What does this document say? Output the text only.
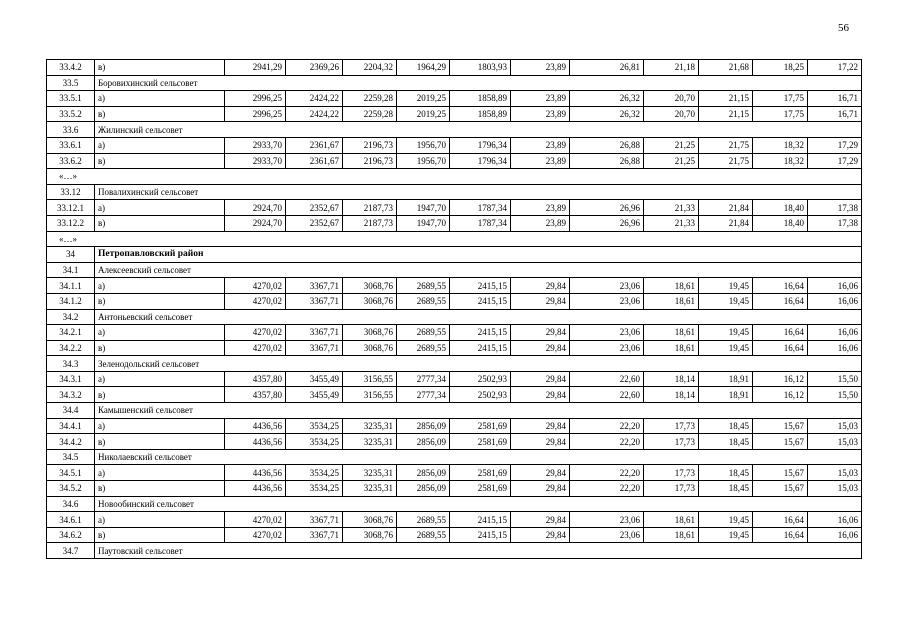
56
33.4.2	в)	2941,29	2369,26	2204,32	1964,29	1803,93	23,89	26,81	21,18	21,68	18,25	17,22
33.5	Боровихинский сельсовет											
33.5.1	а)	2996,25	2424,22	2259,28	2019,25	1858,89	23,89	26,32	20,70	21,15	17,75	16,71
33.5.2	в)	2996,25	2424,22	2259,28	2019,25	1858,89	23,89	26,32	20,70	21,15	17,75	16,71
33.6	Жилинский сельсовет											
33.6.1	а)	2933,70	2361,67	2196,73	1956,70	1796,34	23,89	26,88	21,25	21,75	18,32	17,29
33.6.2	в)	2933,70	2361,67	2196,73	1956,70	1796,34	23,89	26,88	21,25	21,75	18,32	17,29
«…»												
33.12	Повалихинский сельсовет											
33.12.1	а)	2924,70	2352,67	2187,73	1947,70	1787,34	23,89	26,96	21,33	21,84	18,40	17,38
33.12.2	в)	2924,70	2352,67	2187,73	1947,70	1787,34	23,89	26,96	21,33	21,84	18,40	17,38
«…»												
34	Петропавловский район											
34.1	Алексеевский сельсовет											
34.1.1	а)	4270,02	3367,71	3068,76	2689,55	2415,15	29,84	23,06	18,61	19,45	16,64	16,06
34.1.2	в)	4270,02	3367,71	3068,76	2689,55	2415,15	29,84	23,06	18,61	19,45	16,64	16,06
34.2	Антоньевский сельсовет											
34.2.1	а)	4270,02	3367,71	3068,76	2689,55	2415,15	29,84	23,06	18,61	19,45	16,64	16,06
34.2.2	в)	4270,02	3367,71	3068,76	2689,55	2415,15	29,84	23,06	18,61	19,45	16,64	16,06
34.3	Зеленодольский сельсовет											
34.3.1	а)	4357,80	3455,49	3156,55	2777,34	2502,93	29,84	22,60	18,14	18,91	16,12	15,50
34.3.2	в)	4357,80	3455,49	3156,55	2777,34	2502,93	29,84	22,60	18,14	18,91	16,12	15,50
34.4	Камышенский сельсовет											
34.4.1	а)	4436,56	3534,25	3235,31	2856,09	2581,69	29,84	22,20	17,73	18,45	15,67	15,03
34.4.2	в)	4436,56	3534,25	3235,31	2856,09	2581,69	29,84	22,20	17,73	18,45	15,67	15,03
34.5	Николаевский сельсовет											
34.5.1	а)	4436,56	3534,25	3235,31	2856,09	2581,69	29,84	22,20	17,73	18,45	15,67	15,03
34.5.2	в)	4436,56	3534,25	3235,31	2856,09	2581,69	29,84	22,20	17,73	18,45	15,67	15,03
34.6	Новообинский сельсовет											
34.6.1	а)	4270,02	3367,71	3068,76	2689,55	2415,15	29,84	23,06	18,61	19,45	16,64	16,06
34.6.2	в)	4270,02	3367,71	3068,76	2689,55	2415,15	29,84	23,06	18,61	19,45	16,64	16,06
34.7	Паутовский сельсовет											
